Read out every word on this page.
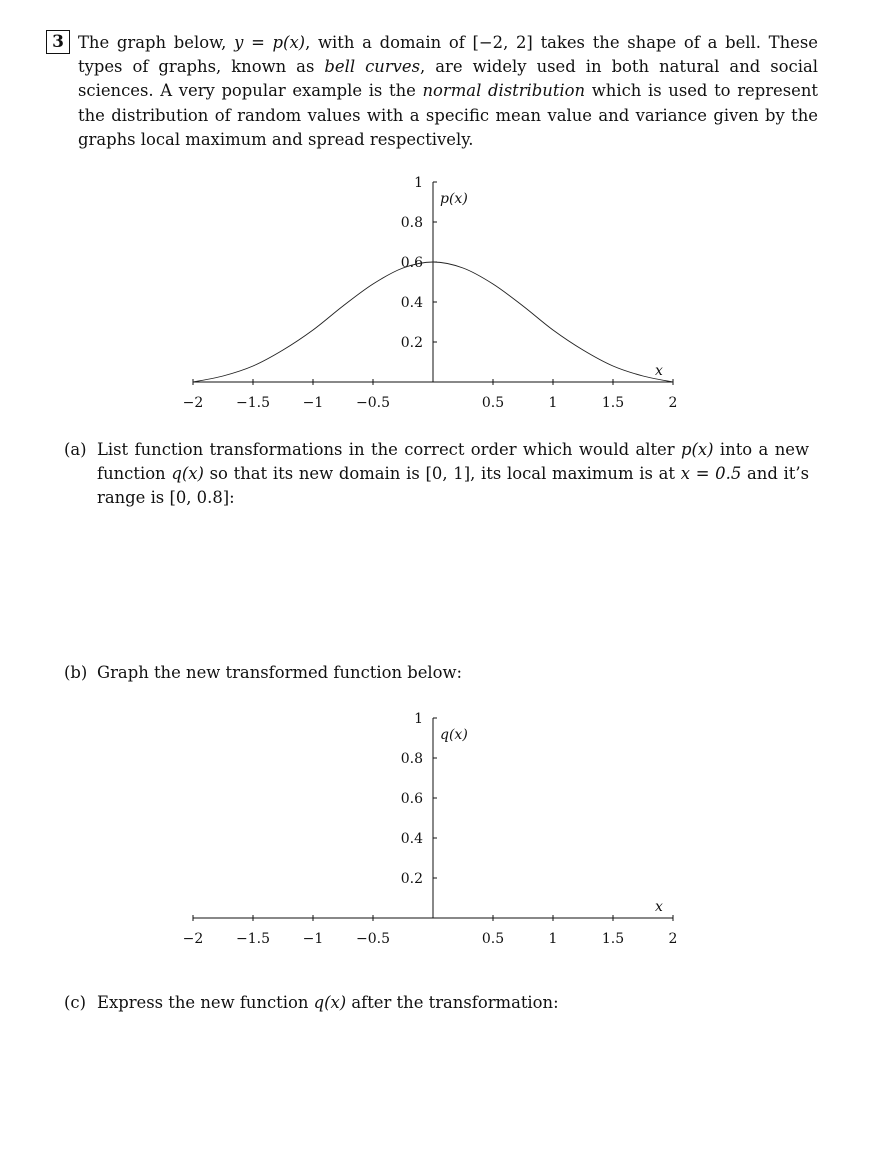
3 The graph below, y = p(x), with a domain of [−2, 2] takes the shape of a bell. These types of graphs, known as bell curves, are widely used in both natural and social sciences. A very popular example is the normal distribution which is used to represent the distribution of random values with a specific mean value and variance given by the graphs local maximum and spread respectively.

−2 −1.5 −1 −0.5	0.5	1	1.5	2
0.2
0.4
0.6
0.8
1
p(x)
x
(a) List function transformations in the correct order which would alter p(x) into a new function q(x) so that its new domain is [0, 1], its local maximum is at x = 0.5 and it’s range is [0, 0.8]:
(b) Graph the new transformed function below:
−2 −1.5 −1 −0.5	0.5	1	1.5	2
0.2
0.4
0.6
0.8
1
q(x)
x
(c) Express the new function q(x) after the transformation:
